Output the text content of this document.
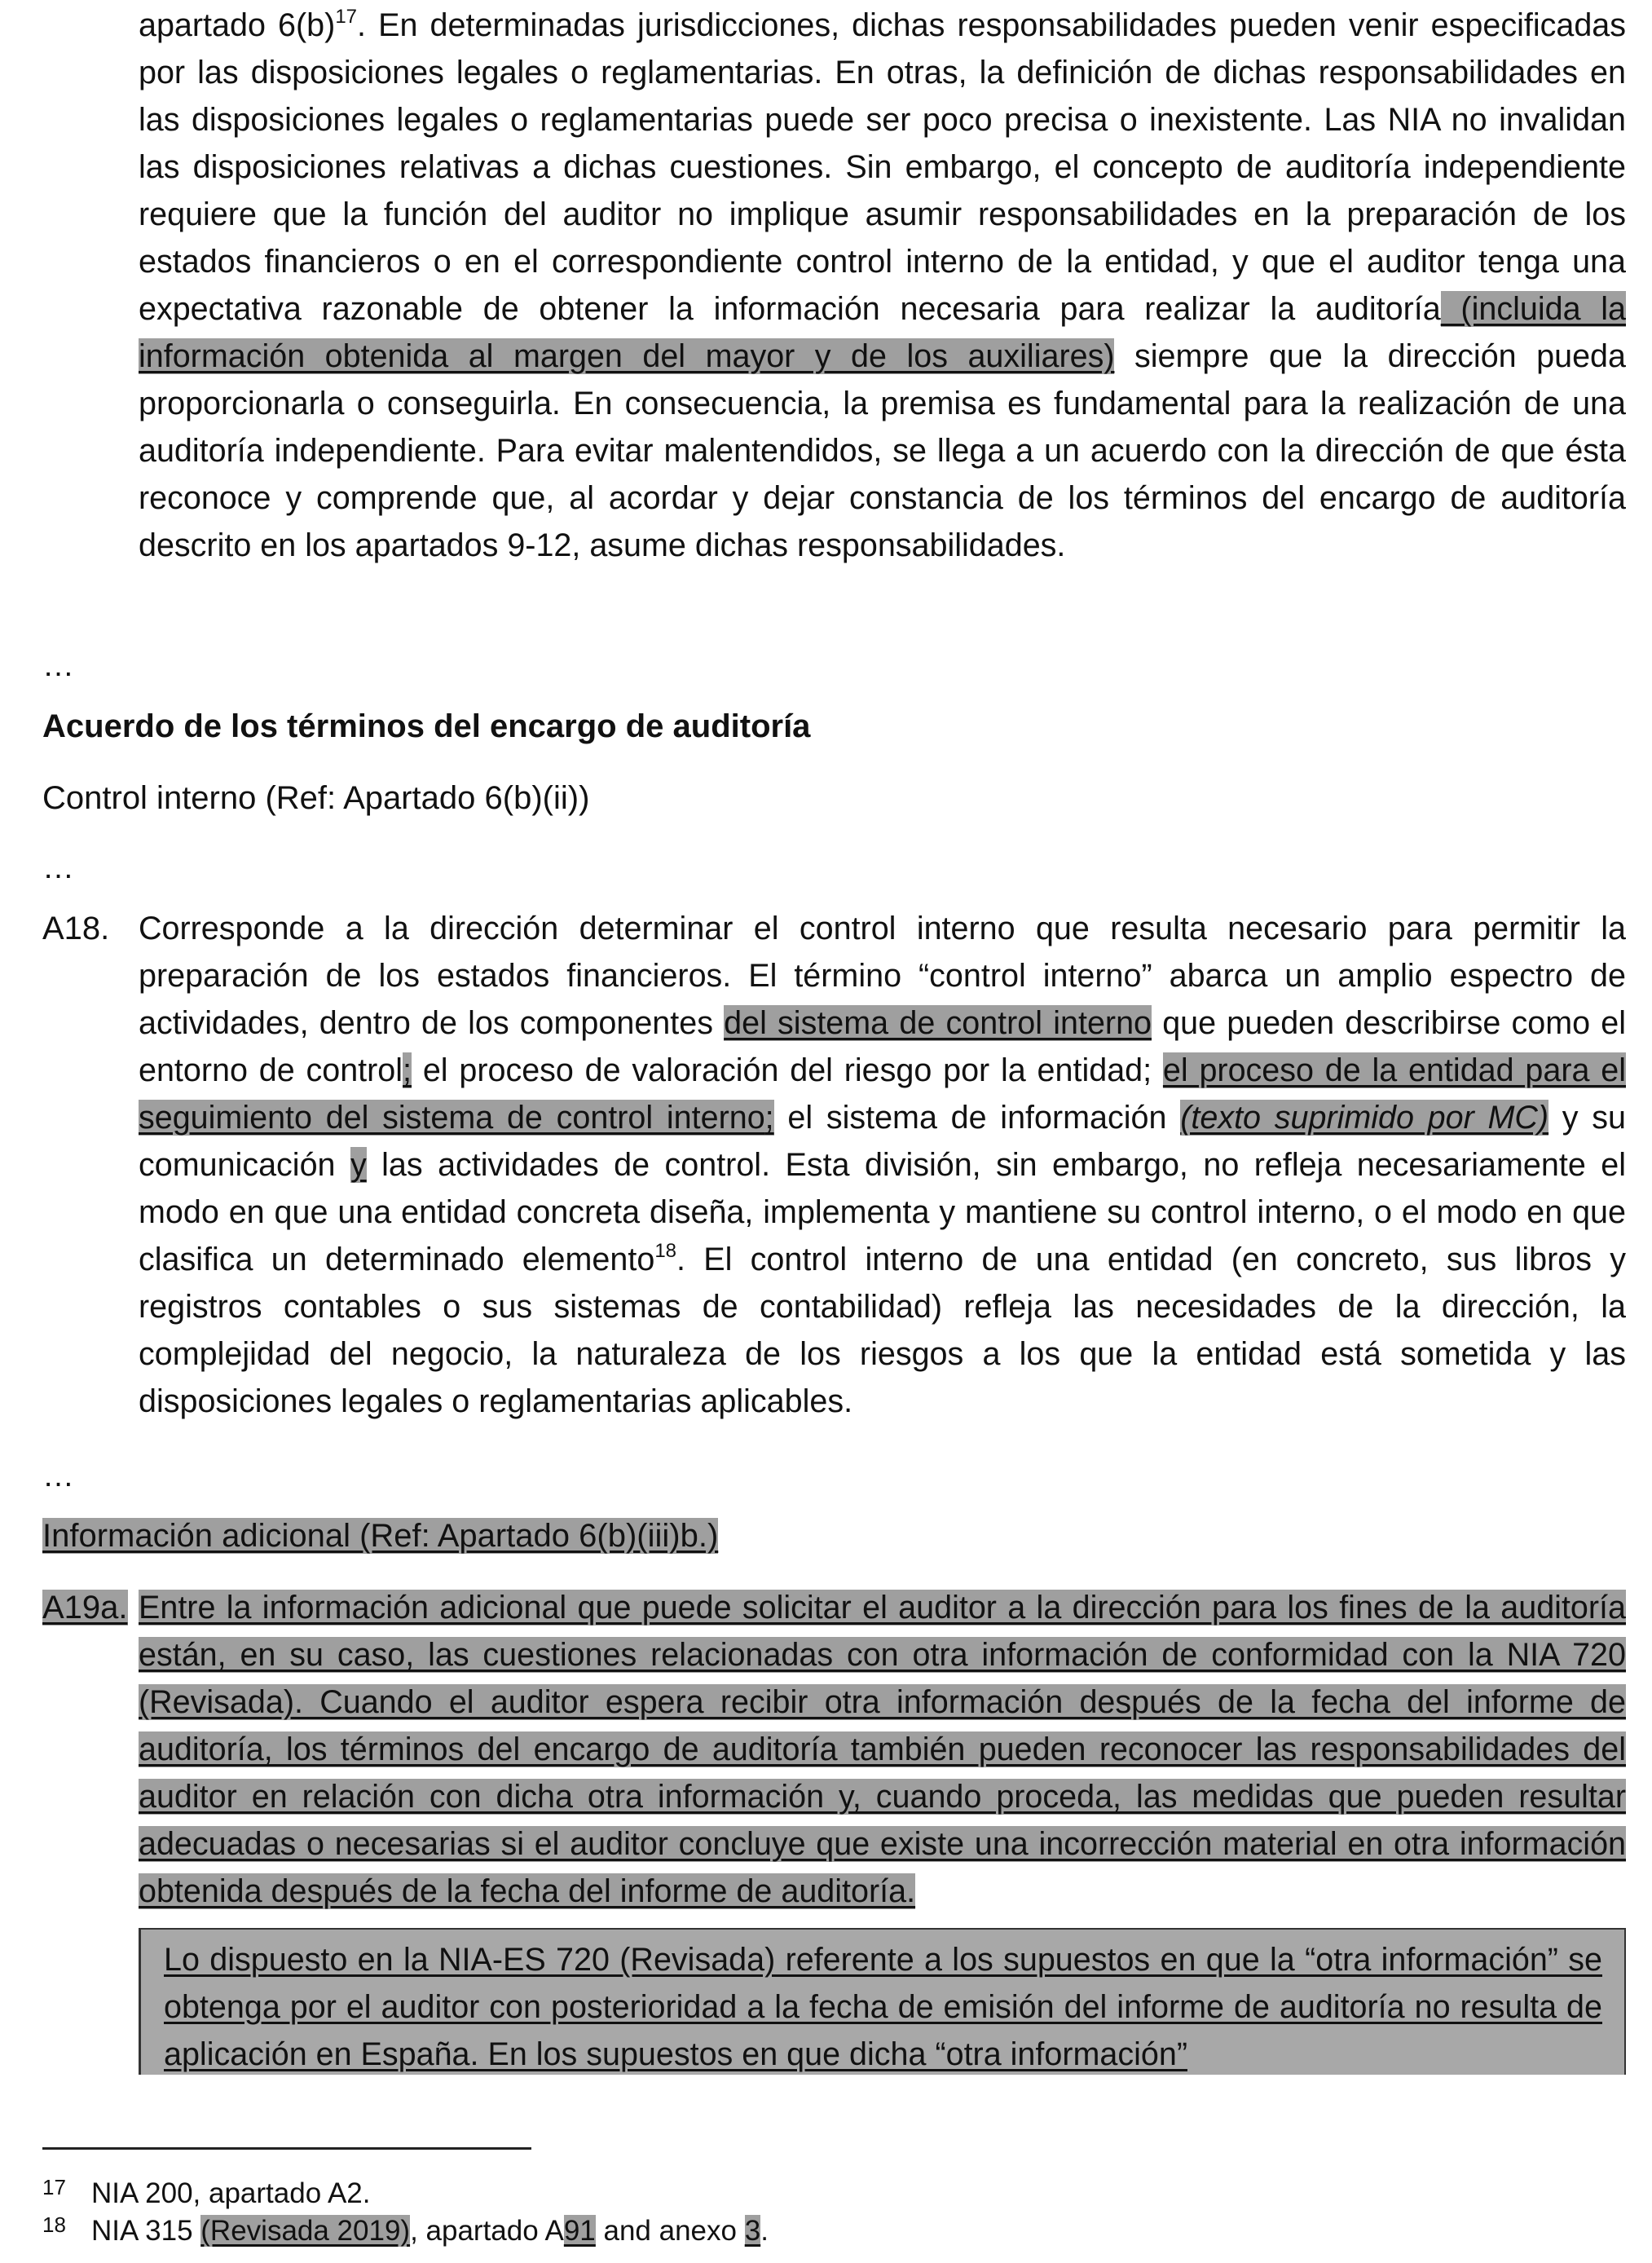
apartado $6(b)^{17}$. En determinadas jurisdicciones, dichas responsabilidades pueden venir especificadas por las disposiciones legales o reglamentarias. En otras, la definición de dichas responsabilidades en las disposiciones legales o reglamentarias puede ser poco precisa o inexistente. Las NIA no invalidan las disposiciones relativas a dichas cuestiones. Sin embargo, el concepto de auditoría independiente requiere que la función del auditor no implique asumir responsabilidades en la preparación de los estados financieros o en el correspondiente control interno de la entidad, y que el auditor tenga una expectativa razonable de obtener la información necesaria para realizar la auditoría (incluida la información obtenida al margen del mayor y de los auxiliares) siempre que la dirección pueda proporcionarla o conseguirla. En consecuencia, la premisa es fundamental para la realización de una auditoría independiente. Para evitar malentendidos, se llega a un acuerdo con la dirección de que ésta reconoce y comprende que, al acordar y dejar constancia de los términos del encargo de auditoría descrito en los apartados 9-12, asume dichas responsabilidades.

…
Acuerdo de los términos del encargo de auditoría
Control interno (Ref: Apartado 6(b)(ii))
…
A18. Corresponde a la dirección determinar el control interno que resulta necesario para permitir la preparación de los estados financieros. El término “control interno” abarca un amplio espectro de actividades, dentro de los componentes del sistema de control interno que pueden describirse como el entorno de control; el proceso de valoración del riesgo por la entidad; el proceso de la entidad para el seguimiento del sistema de control interno; el sistema de información (texto suprimido por MC) y su comunicación y las actividades de control. Esta división, sin embargo, no refleja necesariamente el modo en que una entidad concreta diseña, implementa y mantiene su control interno, o el modo en que clasifica un determinado elemento$^{18}$. El control interno de una entidad (en concreto, sus libros y registros contables o sus sistemas de contabilidad) refleja las necesidades de la dirección, la complejidad del negocio, la naturaleza de los riesgos a los que la entidad está sometida y las disposiciones legales o reglamentarias aplicables.

…
Información adicional (Ref: Apartado 6(b)(iii)b.)
A19a. Entre la información adicional que puede solicitar el auditor a la dirección para los fines de la auditoría están, en su caso, las cuestiones relacionadas con otra información de conformidad con la NIA 720 (Revisada). Cuando el auditor espera recibir otra información después de la fecha del informe de auditoría, los términos del encargo de auditoría también pueden reconocer las responsabilidades del auditor en relación con dicha otra información y, cuando proceda, las medidas que pueden resultar adecuadas o necesarias si el auditor concluye que existe una incorrección material en otra información obtenida después de la fecha del informe de auditoría.

Lo dispuesto en la NIA-ES 720 (Revisada) referente a los supuestos en que la “otra información” se obtenga por el auditor con posterioridad a la fecha de emisión del informe de auditoría no resulta de aplicación en España. En los supuestos en que dicha “otra información”
17 NIA 200, apartado A2.
18 NIA 315 (Revisada 2019), apartado A91 and anexo 3.
